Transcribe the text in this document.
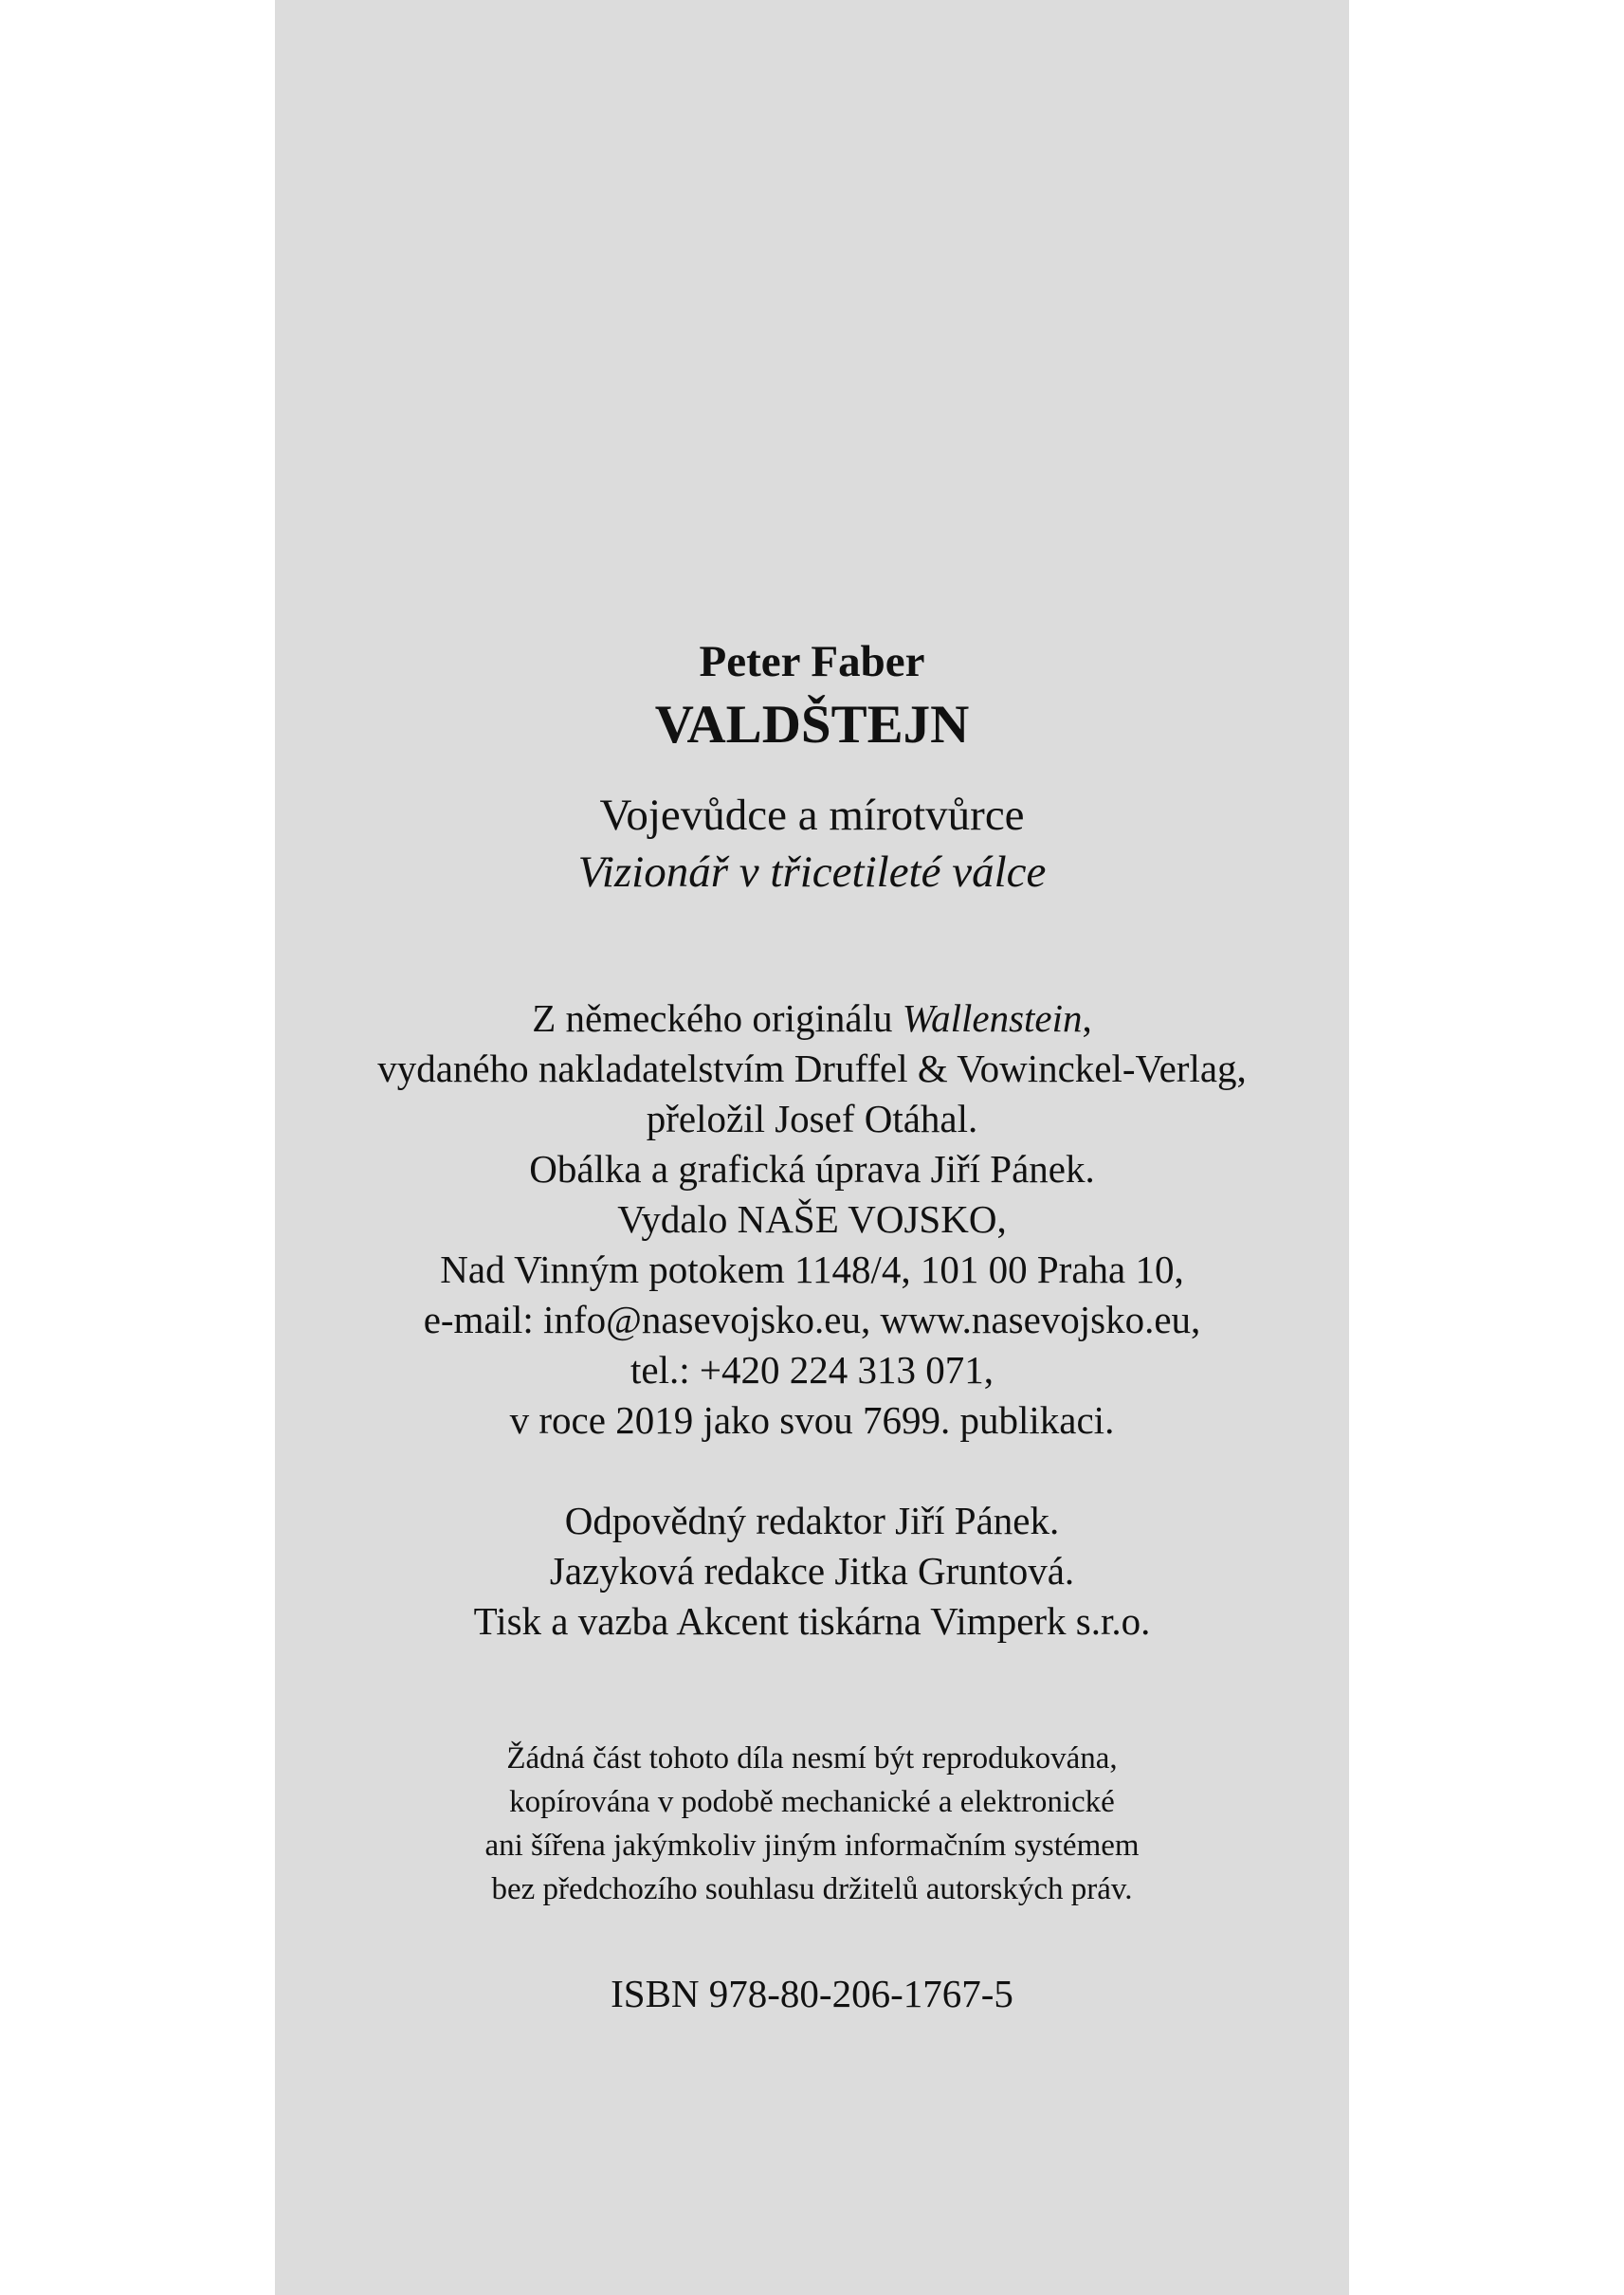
Peter Faber
VALDŠTEJN
Vojevůdce a mírotvůrce
Vizionář v třicetileté válce
Z německého originálu Wallenstein,
vydaného nakladatelstvím Druffel & Vowinckel-Verlag,
přeložil Josef Otáhal.
Obálka a grafická úprava Jiří Pánek.
Vydalo NAŠE VOJSKO,
Nad Vinným potokem 1148/4, 101 00 Praha 10,
e-mail: info@nasevojsko.eu, www.nasevojsko.eu,
tel.: +420 224 313 071,
v roce 2019 jako svou 7699. publikaci.
Odpovědný redaktor Jiří Pánek.
Jazyková redakce Jitka Gruntová.
Tisk a vazba Akcent tiskárna Vimperk s.r.o.
Žádná část tohoto díla nesmí být reprodukována,
kopírována v podobě mechanické a elektronické
ani šířena jakýmkoliv jiným informačním systémem
bez předchozího souhlasu držitelů autorských práv.
ISBN 978-80-206-1767-5
